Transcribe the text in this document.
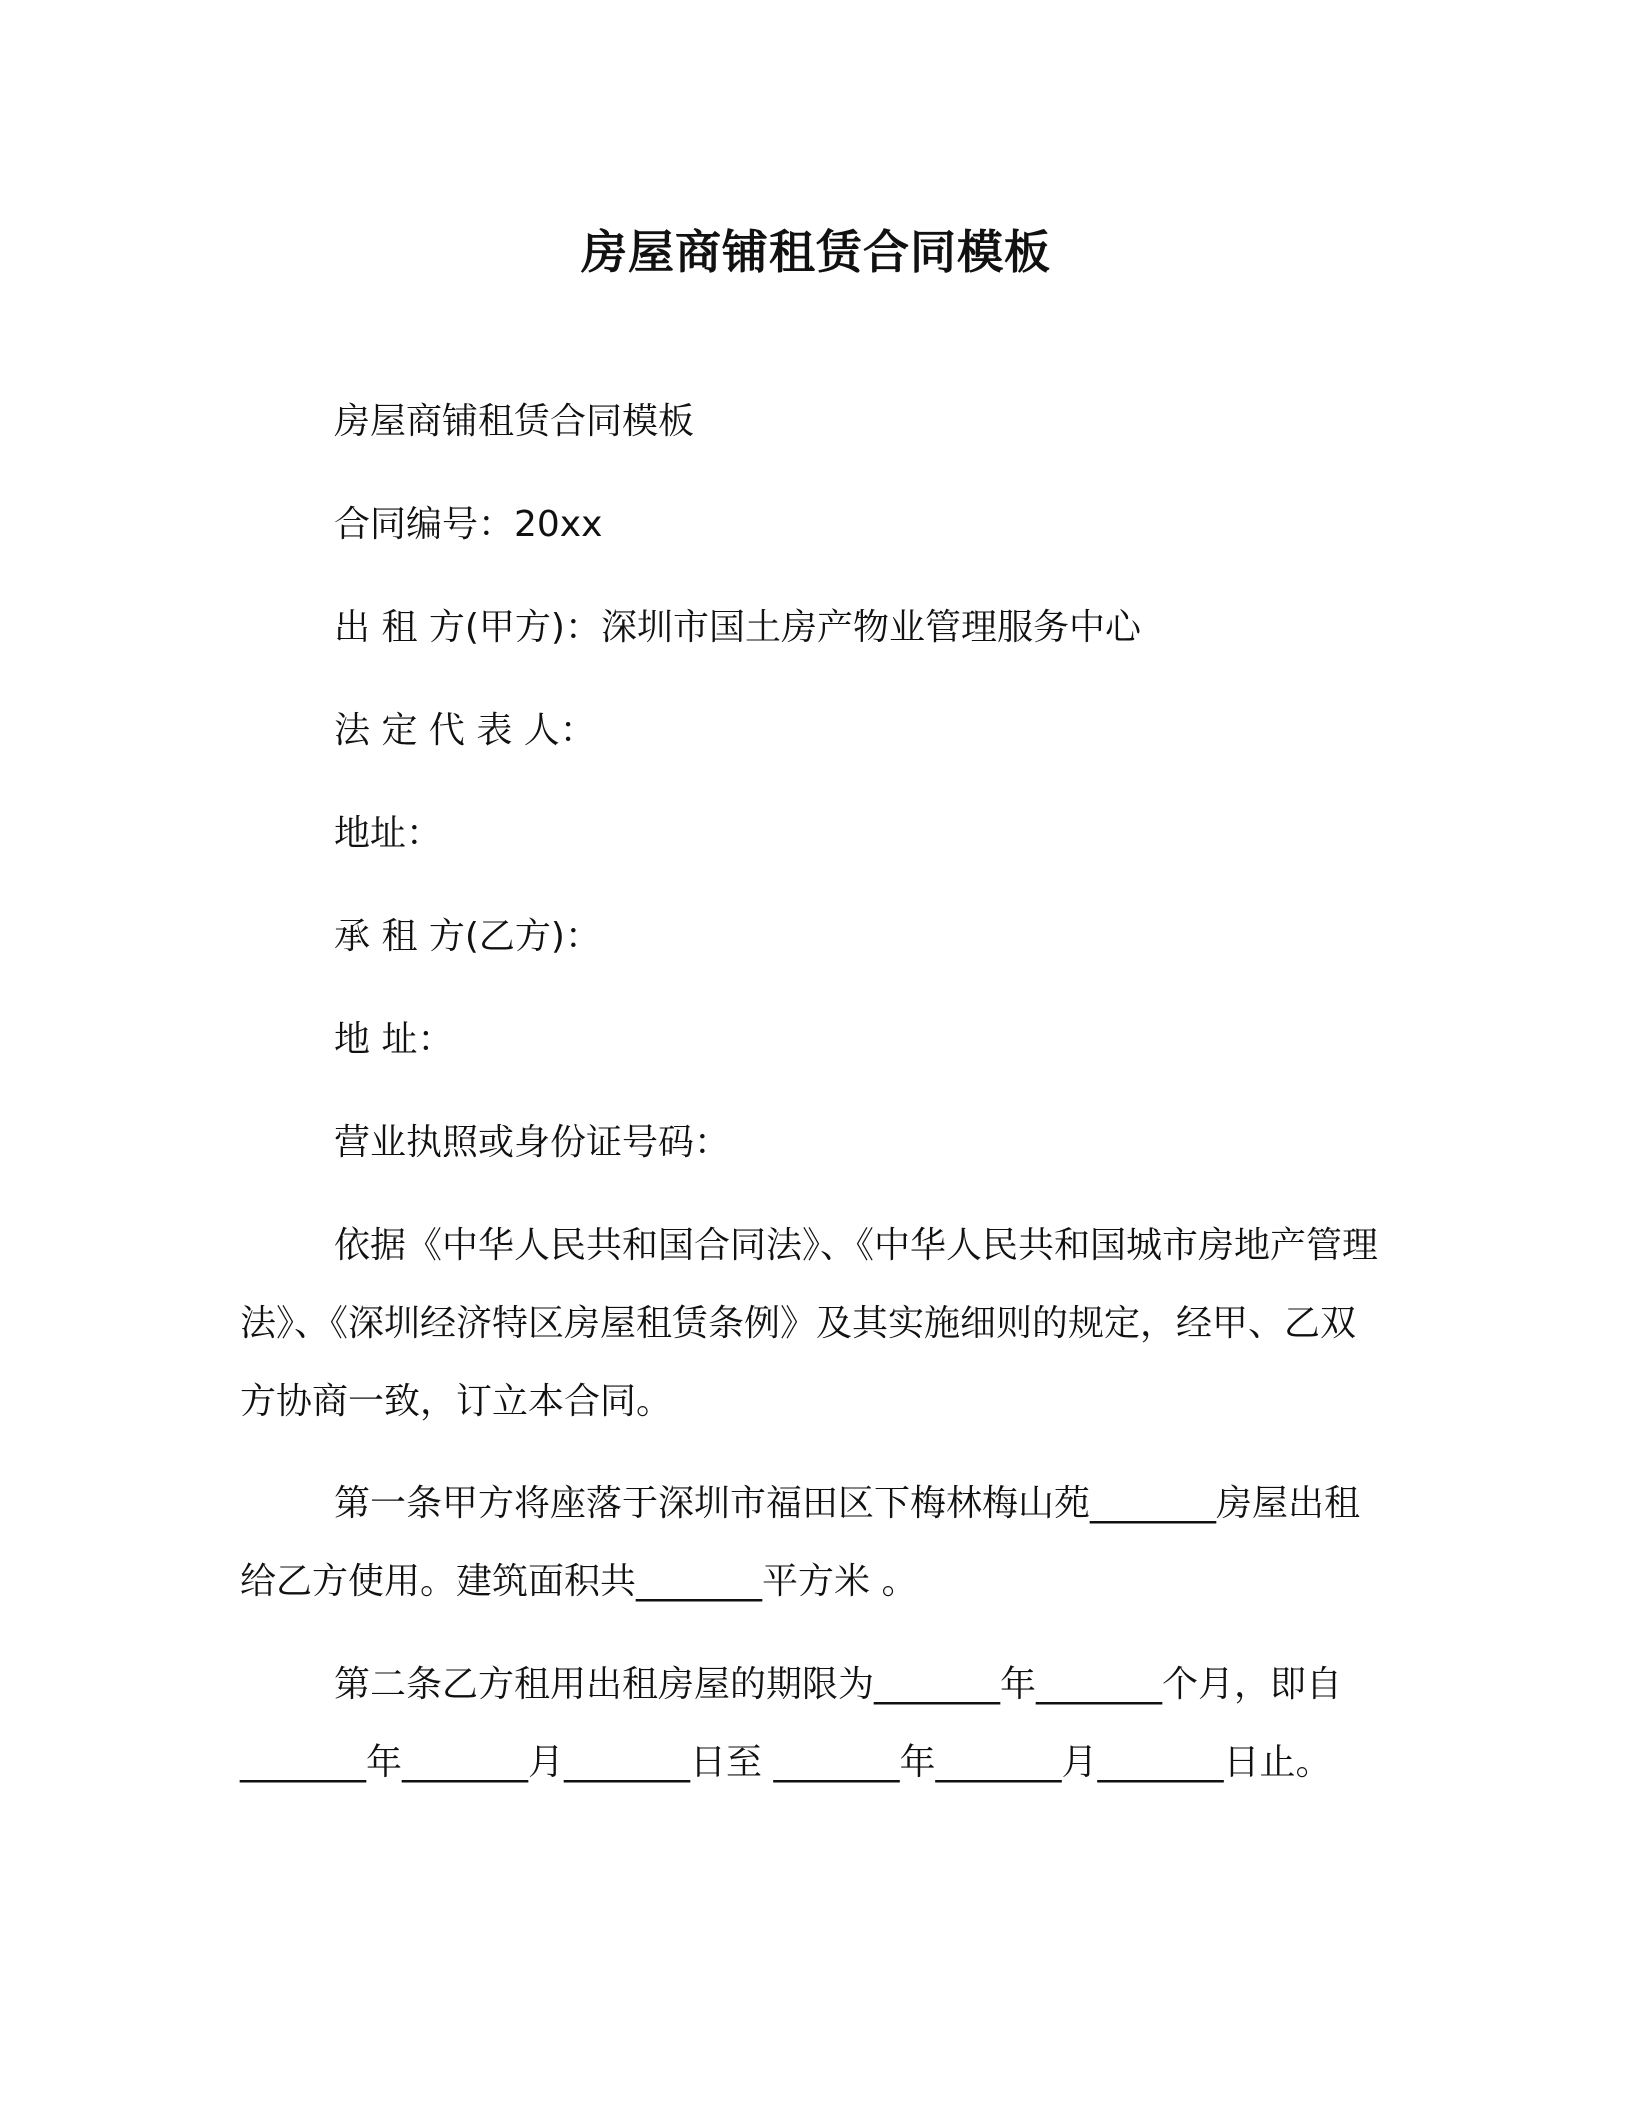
房屋商铺租赁合同模板
房屋商铺租赁合同模板
合同编号：20xx
出 租 方(甲方)：深圳市国土房产物业管理服务中心
法 定 代 表 人：
地址：
承 租 方(乙方)：
地 址：
营业执照或身份证号码：

依据《中华人民共和国合同法》、《中华人民共和国城市房地产管理法》、《深圳经济特区房屋租赁条例》及其实施细则的规定，经甲、乙双方协商一致，订立本合同。

第一条甲方将座落于深圳市福田区下梅林梅山苑_______房屋出租给乙方使用。建筑面积共_______平方米 。

第二条乙方租用出租房屋的期限为_______年_______个月，即自_______年_______月_______日至 _______年_______月_______日止。
